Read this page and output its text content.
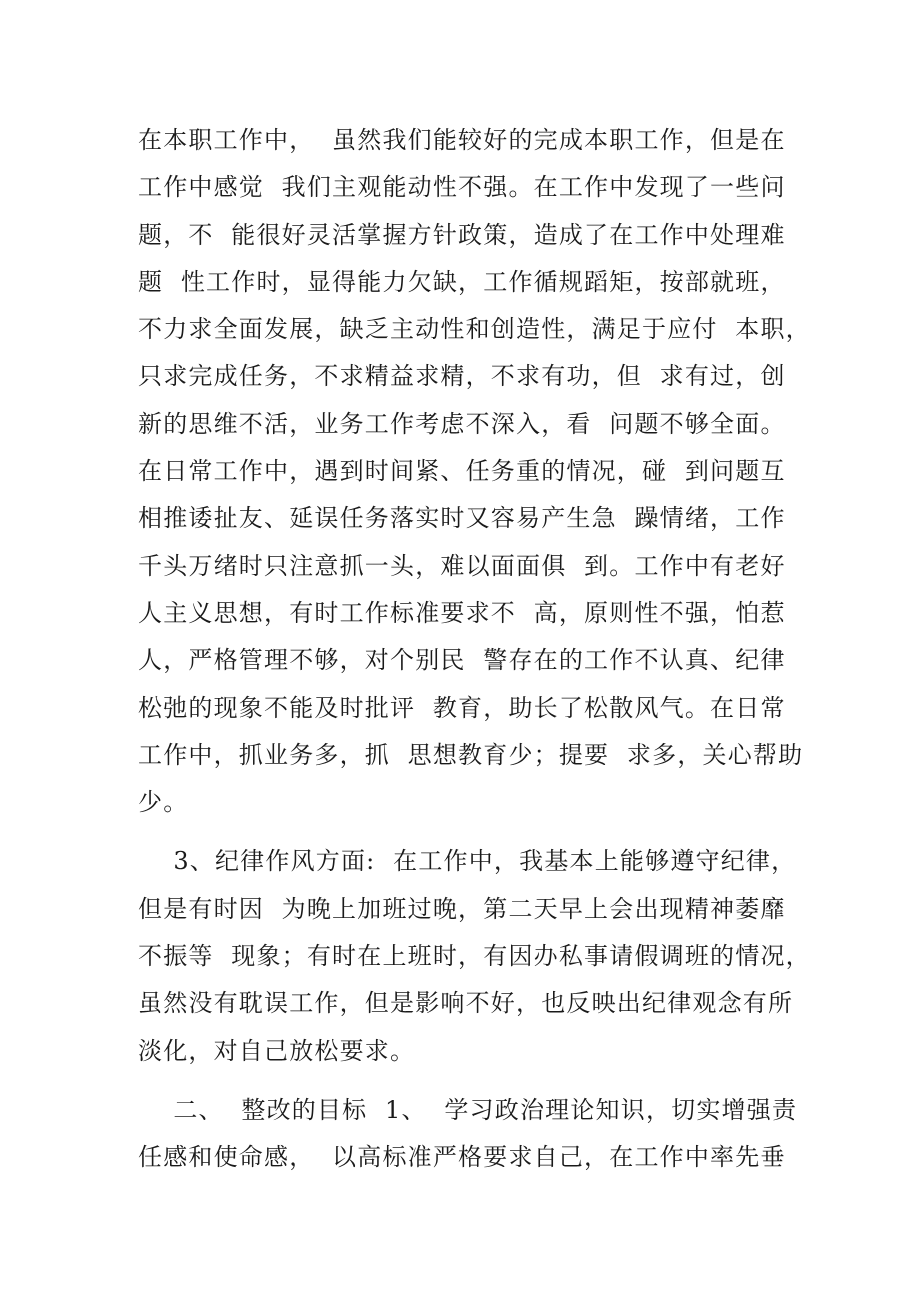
在本职工作中，  虽然我们能较好的完成本职工作，但是在
工作中感觉  我们主观能动性不强。在工作中发现了一些问
题，不  能很好灵活掌握方针政策，造成了在工作中处理难
题  性工作时，显得能力欠缺，工作循规蹈矩，按部就班，
不力求全面发展，缺乏主动性和创造性，满足于应付  本职，
只求完成任务，不求精益求精，不求有功，但  求有过，创
新的思维不活，业务工作考虑不深入，看  问题不够全面。
在日常工作中，遇到时间紧、任务重的情况，碰  到问题互
相推诿扯友、延误任务落实时又容易产生急  躁情绪，工作
千头万绪时只注意抓一头，难以面面俱  到。工作中有老好
人主义思想，有时工作标准要求不  高，原则性不强，怕惹
人，严格管理不够，对个别民  警存在的工作不认真、纪律
松弛的现象不能及时批评  教育，助长了松散风气。在日常
工作中，抓业务多，抓  思想教育少；提要  求多，关心帮助
少。
3、纪律作风方面:  在工作中，我基本上能够遵守纪律，
但是有时因  为晚上加班过晚，第二天早上会出现精神萎靡
不振等  现象；有时在上班时，有因办私事请假调班的情况，
虽然没有耽误工作，但是影响不好，也反映出纪律观念有所
淡化，对自己放松要求。
二、  整改的目标  1、  学习政治理论知识，切实增强责
任感和使命感，  以高标准严格要求自己，在工作中率先垂
